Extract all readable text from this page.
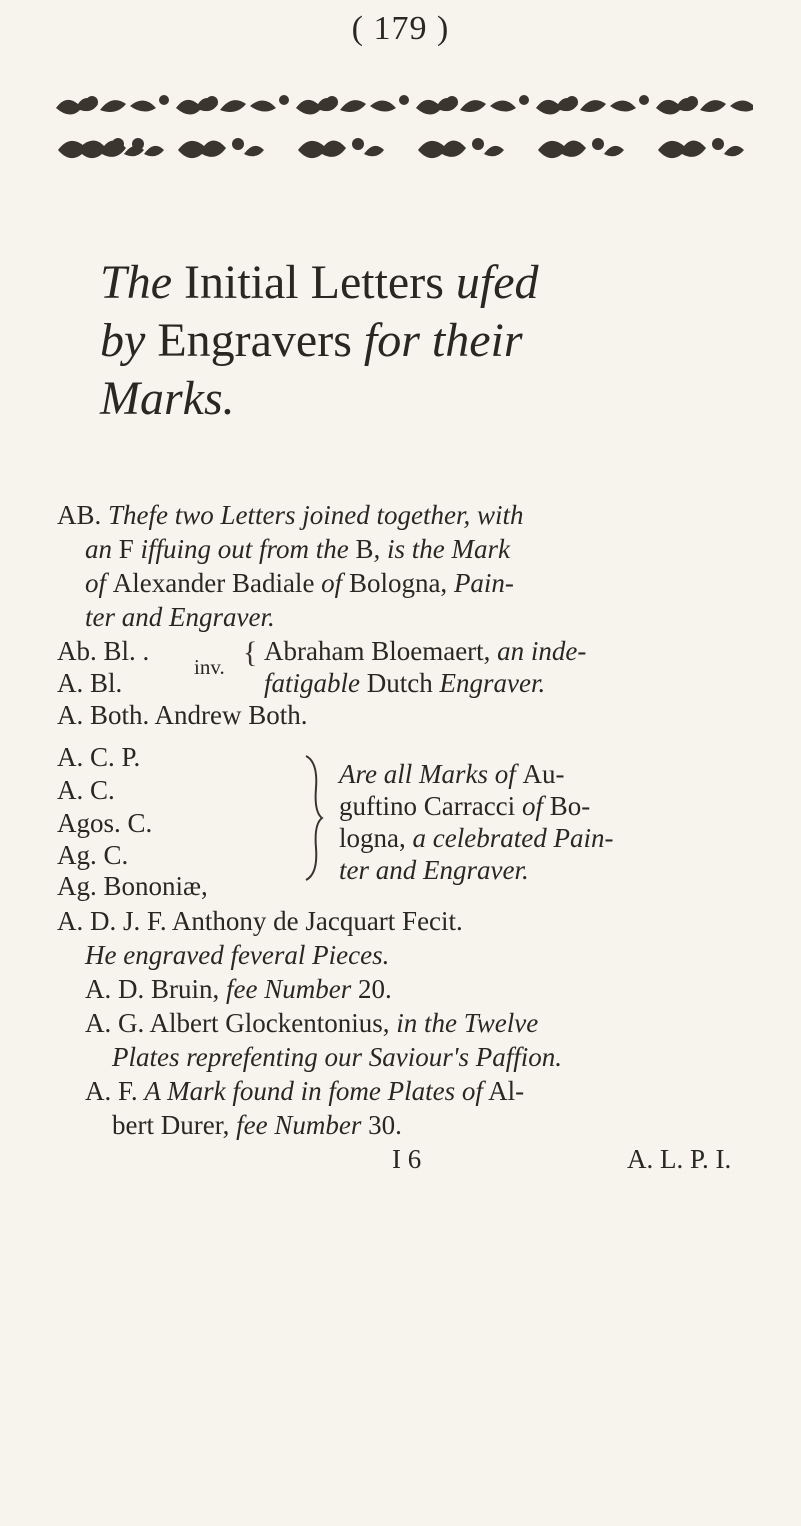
( 179 )
The Initial Letters ufed
by Engravers for their
Marks.
AB. Thefe two Letters joined together, with
an F iffuing out from the B, is the Mark
of Alexander Badiale of Bologna, Pain-
ter and Engraver.
Ab. Bl. .
A. Bl.
inv. { Abraham Bloemaert, an inde-
fatigable Dutch Engraver.
A. Both. Andrew Both.
A. C. P.
A. C.
Agos. C.
Ag. C.
Ag. Bononiæ,
Are all Marks of Au-
guftino Carracci of Bo-
logna, a celebrated Pain-
ter and Engraver.
A. D. J. F. Anthony de Jacquart Fecit.
He engraved feveral Pieces.
A. D. Bruin, fee Number 20.
A. G. Albert Glockentonius, in the Twelve
Plates reprefenting our Saviour's Paffion.
A. F. A Mark found in fome Plates of Al-
bert Durer, fee Number 30.
I 6	A. L. P. I.
